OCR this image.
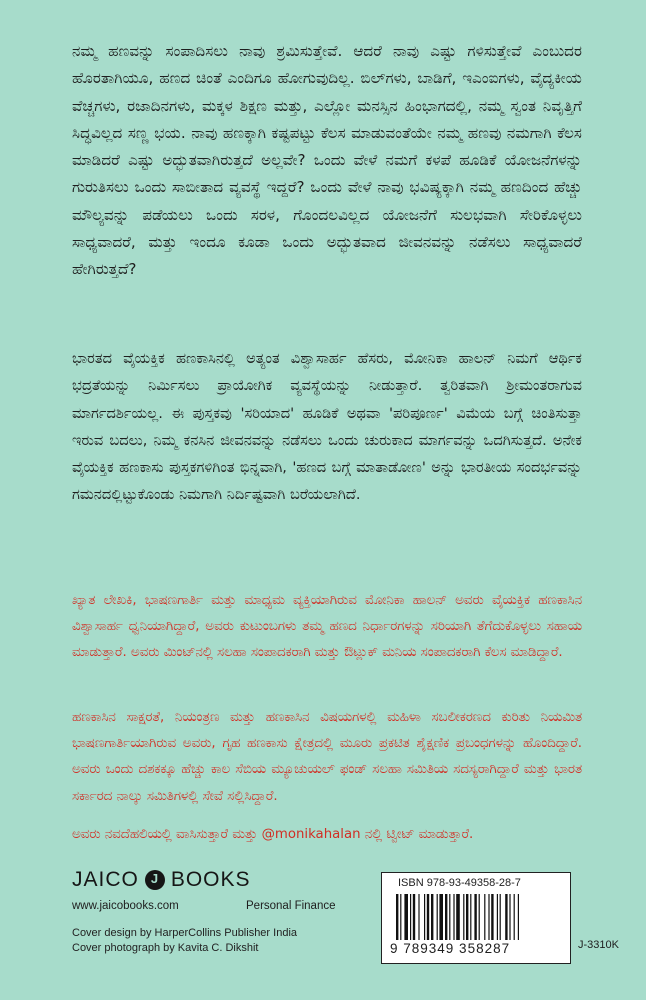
ನಮ್ಮ ಹಣವನ್ನು ಸಂಪಾದಿಸಲು ನಾವು ಶ್ರಮಿಸುತ್ತೇವೆ. ಆದರೆ ನಾವು ಎಷ್ಟು ಗಳಿಸುತ್ತೇವೆ ಎಂಬುದರ ಹೊರತಾಗಿಯೂ, ಹಣದ ಚಿಂತೆ ಎಂದಿಗೂ ಹೋಗುವುದಿಲ್ಲ. ಬಿಲ್‌ಗಳು, ಬಾಡಿಗೆ, ಇಎಂಐಗಳು, ವೈದ್ಯಕೀಯ ವೆಚ್ಚಗಳು, ರಜಾದಿನಗಳು, ಮಕ್ಕಳ ಶಿಕ್ಷಣ ಮತ್ತು, ಎಲ್ಲೋ ಮನಸ್ಸಿನ ಹಿಂಭಾಗದಲ್ಲಿ, ನಮ್ಮ ಸ್ವಂತ ನಿವೃತ್ತಿಗೆ ಸಿದ್ಧವಿಲ್ಲದ ಸಣ್ಣ ಭಯ. ನಾವು ಹಣಕ್ಕಾಗಿ ಕಷ್ಟಪಟ್ಟು ಕೆಲಸ ಮಾಡುವಂತೆಯೇ ನಮ್ಮ ಹಣವು ನಮಗಾಗಿ ಕೆಲಸ ಮಾಡಿದರೆ ಎಷ್ಟು ಅದ್ಭುತವಾಗಿರುತ್ತದೆ ಅಲ್ಲವೇ? ಒಂದು ವೇಳೆ ನಮಗೆ ಕಳಪೆ ಹೂಡಿಕೆ ಯೋಜನೆಗಳನ್ನು ಗುರುತಿಸಲು ಒಂದು ಸಾಬೀತಾದ ವ್ಯವಸ್ಥೆ ಇದ್ದರೆ? ಒಂದು ವೇಳೆ ನಾವು ಭವಿಷ್ಯಕ್ಕಾಗಿ ನಮ್ಮ ಹಣದಿಂದ ಹೆಚ್ಚು ಮೌಲ್ಯವನ್ನು ಪಡೆಯಲು ಒಂದು ಸರಳ, ಗೊಂದಲವಿಲ್ಲದ ಯೋಜನೆಗೆ ಸುಲಭವಾಗಿ ಸೇರಿಕೊಳ್ಳಲು ಸಾಧ್ಯವಾದರೆ, ಮತ್ತು ಇಂದೂ ಕೂಡಾ ಒಂದು ಅದ್ಭುತವಾದ ಜೀವನವನ್ನು ನಡೆಸಲು ಸಾಧ್ಯವಾದರೆ ಹೇಗಿರುತ್ತದೆ?

ಭಾರತದ ವೈಯಕ್ತಿಕ ಹಣಕಾಸಿನಲ್ಲಿ ಅತ್ಯಂತ ವಿಶ್ವಾಸಾರ್ಹ ಹೆಸರು, ಮೋನಿಕಾ ಹಾಲನ್ ನಿಮಗೆ ಆರ್ಥಿಕ ಭದ್ರತೆಯನ್ನು ನಿರ್ಮಿಸಲು ಪ್ರಾಯೋಗಿಕ ವ್ಯವಸ್ಥೆಯನ್ನು ನೀಡುತ್ತಾರೆ. ತ್ವರಿತವಾಗಿ ಶ್ರೀಮಂತರಾಗುವ ಮಾರ್ಗದರ್ಶಿಯಲ್ಲ. ಈ ಪುಸ್ತಕವು 'ಸರಿಯಾದ' ಹೂಡಿಕೆ ಅಥವಾ 'ಪರಿಪೂರ್ಣ' ವಿಮೆಯ ಬಗ್ಗೆ ಚಿಂತಿಸುತ್ತಾ ಇರುವ ಬದಲು, ನಿಮ್ಮ ಕನಸಿನ ಜೀವನವನ್ನು ನಡೆಸಲು ಒಂದು ಚುರುಕಾದ ಮಾರ್ಗವನ್ನು ಒದಗಿಸುತ್ತದೆ. ಅನೇಕ ವೈಯಕ್ತಿಕ ಹಣಕಾಸು ಪುಸ್ತಕಗಳಿಗಿಂತ ಭಿನ್ನವಾಗಿ, 'ಹಣದ ಬಗ್ಗೆ ಮಾತಾಡೋಣ' ಅನ್ನು ಭಾರತೀಯ ಸಂದರ್ಭವನ್ನು ಗಮನದಲ್ಲಿಟ್ಟುಕೊಂಡು ನಿಮಗಾಗಿ ನಿರ್ದಿಷ್ಟವಾಗಿ ಬರೆಯಲಾಗಿದೆ.

ಖ್ಯಾತ ಲೇಖಕಿ, ಭಾಷಣಗಾರ್ತಿ ಮತ್ತು ಮಾಧ್ಯಮ ವ್ಯಕ್ತಿಯಾಗಿರುವ ಮೋನಿಕಾ ಹಾಲನ್ ಅವರು ವೈಯಕ್ತಿಕ ಹಣಕಾಸಿನ ವಿಶ್ವಾಸಾರ್ಹ ಧ್ವನಿಯಾಗಿದ್ದಾರೆ, ಅವರು ಕುಟುಂಬಗಳು ತಮ್ಮ ಹಣದ ನಿರ್ಧಾರಗಳನ್ನು ಸರಿಯಾಗಿ ತೆಗೆದುಕೊಳ್ಳಲು ಸಹಾಯ ಮಾಡುತ್ತಾರೆ. ಅವರು ಮಿಂಟ್‌ನಲ್ಲಿ ಸಲಹಾ ಸಂಪಾದಕರಾಗಿ ಮತ್ತು ಔಟ್ಲುಕ್ ಮನಿಯ ಸಂಪಾದಕರಾಗಿ ಕೆಲಸ ಮಾಡಿದ್ದಾರೆ.

ಹಣಕಾಸಿನ ಸಾಕ್ಷರತೆ, ನಿಯಂತ್ರಣ ಮತ್ತು ಹಣಕಾಸಿನ ವಿಷಯಗಳಲ್ಲಿ ಮಹಿಳಾ ಸಬಲೀಕರಣದ ಕುರಿತು ನಿಯಮಿತ ಭಾಷಣಗಾರ್ತಿಯಾಗಿರುವ ಅವರು, ಗೃಹ ಹಣಕಾಸು ಕ್ಷೇತ್ರದಲ್ಲಿ ಮೂರು ಪ್ರಕಟಿತ ಶೈಕ್ಷಣಿಕ ಪ್ರಬಂಧಗಳನ್ನು ಹೊಂದಿದ್ದಾರೆ. ಅವರು ಒಂದು ದಶಕಕ್ಕೂ ಹೆಚ್ಚು ಕಾಲ ಸೆಬಿಯ ಮ್ಯೂಚುಯಲ್ ಫಂಡ್ ಸಲಹಾ ಸಮಿತಿಯ ಸದಸ್ಯರಾಗಿದ್ದಾರೆ ಮತ್ತು ಭಾರತ ಸರ್ಕಾರದ ನಾಲ್ಕು ಸಮಿತಿಗಳಲ್ಲಿ ಸೇವೆ ಸಲ್ಲಿಸಿದ್ದಾರೆ.

ಅವರು ನವದೆಹಲಿಯಲ್ಲಿ ವಾಸಿಸುತ್ತಾರೆ ಮತ್ತು @monikahalan ನಲ್ಲಿ ಟ್ವೀಟ್ ಮಾಡುತ್ತಾರೆ.

JAICO
J BOOKS
www.jaicobooks.com	Personal Finance
Cover design by HarperCollins Publisher India
Cover photograph by Kavita C. Dikshit
ISBN 978-93-49358-28-7
9 789349 358287	J-3310K
